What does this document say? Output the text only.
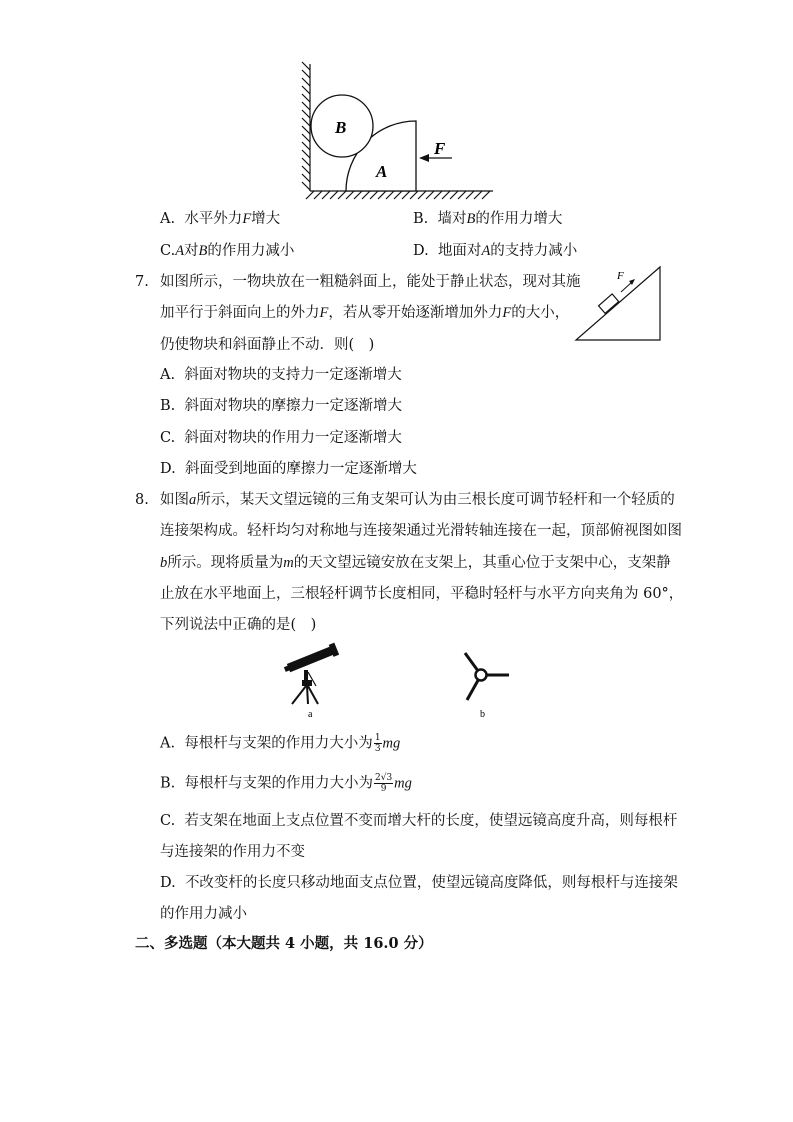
B
A
F
A. 水平外力F增大	B. 墙对B的作用力增大
C.A对B的作用力减小	D. 地面对A的支持力减小
7. 如图所示，一物块放在一粗糙斜面上，能处于静止状态，现对其施
加平行于斜面向上的外力F，若从零开始逐渐增加外力F的大小，
仍使物块和斜面静止不动．则(　)
F
A. 斜面对物块的支持力一定逐渐增大
B. 斜面对物块的摩擦力一定逐渐增大
C. 斜面对物块的作用力一定逐渐增大
D. 斜面受到地面的摩擦力一定逐渐增大
8. 如图a所示，某天文望远镜的三角支架可认为由三根长度可调节轻杆和一个轻质的
连接架构成。轻杆均匀对称地与连接架通过光滑转轴连接在一起，顶部俯视图如图
b所示。现将质量为m的天文望远镜安放在支架上，其重心位于支架中心，支架静
止放在水平地面上，三根轻杆调节长度相同，平稳时轻杆与水平方向夹角为 60°，
下列说法中正确的是(　)
a	b
A. 每根杆与支架的作用力大小为 $\frac{1}{3}$ mg
B. 每根杆与支架的作用力大小为 $\frac{2√3}{9}$ mg
C. 若支架在地面上支点位置不变而增大杆的长度，使望远镜高度升高，则每根杆
与连接架的作用力不变
D. 不改变杆的长度只移动地面支点位置，使望远镜高度降低，则每根杆与连接架
的作用力减小
二、多选题（本大题共 4 小题，共 16.0 分）
